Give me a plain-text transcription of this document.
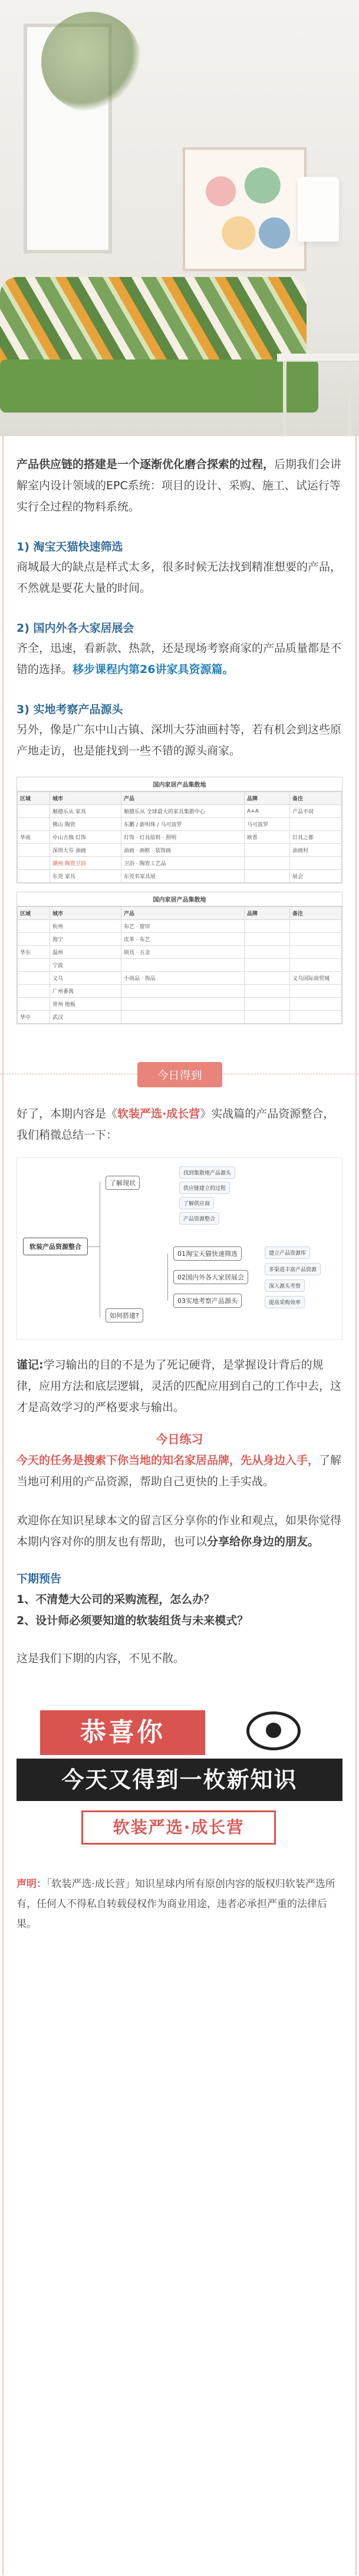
产品供应链的搭建是一个逐渐优化磨合探索的过程，后期我们会讲解室内设计领域的EPC系统：项目的设计、采购、施工、试运行等实行全过程的物料系统。

1) 淘宝天猫快速筛选

商城最大的缺点是样式太多，很多时候无法找到精准想要的产品，不然就是要花大量的时间。

2) 国内外各大家居展会

齐全，迅速，看新款、热款，还是现场考察商家的产品质量都是不错的选择。移步课程内第26讲家具资源篇。

3) 实地考察产品源头

另外，像是广东中山古镇、深圳大芬油画村等，若有机会到这些原产地走访，也是能找到一些不错的源头商家。

国内家居产品集散地
区域	城市	产品	品牌	备注
	顺德乐从 家具	顺德乐从 全球最大的家具集散中心	A+A	产品不同
	佛山 陶瓷	东鹏 / 新明珠 / 马可波罗	马可波罗	
华南	中山古镇 灯饰	灯饰 · 灯具原料 · 照明	欧普	灯具之都
	深圳大芬 油画	油画 · 画框 · 装饰画		油画村
	潮州 陶瓷卫浴	卫浴 · 陶瓷工艺品		
	东莞 家具	东莞名家具展		展会
国内家居产品集散地
区域	城市	产品	品牌	备注
	杭州	布艺 · 窗帘		
	海宁	皮革 · 布艺		
华东	温州	锁具 · 五金		
	宁波			
	义乌	小商品 · 饰品		义乌国际商贸城
	广州番禺			
	常州 地板			
华中	武汉			
今日得到

好了，本期内容是《软装严选·成长营》实战篇的产品资源整合，我们稍微总结一下：

软装产品资源整合
了解现状
如何搭建?
01淘宝天猫快速筛选
02国内外各大家居展会
03实地考察产品源头
找到集散地产品源头
供应链建立的过程
了解供应商
产品资源整合
建立产品资源库
多渠道丰富产品资源
深入源头考察
提高采购效率

谨记:学习输出的目的不是为了死记硬背，是掌握设计背后的规律，应用方法和底层逻辑，灵活的匹配应用到自己的工作中去，这才是高效学习的严格要求与输出。

今日练习

今天的任务是搜索下你当地的知名家居品牌，先从身边入手，了解当地可利用的产品资源，帮助自己更快的上手实战。

欢迎你在知识星球本文的留言区分享你的作业和观点，如果你觉得本期内容对你的朋友也有帮助，也可以分享给你身边的朋友。

下期预告

1、不清楚大公司的采购流程，怎么办？

2、设计师必须要知道的软装组货与未来模式？

这是我们下期的内容，不见不散。

恭喜你
今天又得到一枚新知识
软装严选·成长营

声明：「软装严选·成长营」知识星球内所有原创内容的版权归软装严选所有，任何人不得私自转载侵权作为商业用途，违者必承担严重的法律后果。
